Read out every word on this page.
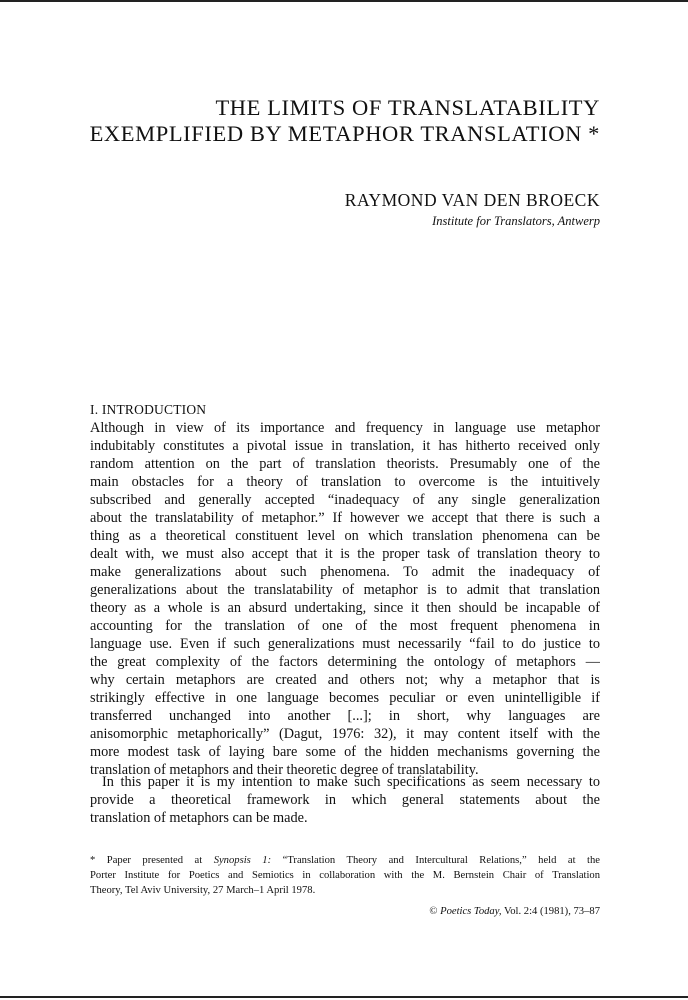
THE LIMITS OF TRANSLATABILITY
EXEMPLIFIED BY METAPHOR TRANSLATION *
RAYMOND VAN DEN BROECK
Institute for Translators, Antwerp
I. INTRODUCTION
Although in view of its importance and frequency in language use metaphor
indubitably constitutes a pivotal issue in translation, it has hitherto received only
random attention on the part of translation theorists. Presumably one of the
main obstacles for a theory of translation to overcome is the intuitively
subscribed and generally accepted “inadequacy of any single generalization
about the translatability of metaphor.” If however we accept that there is such a
thing as a theoretical constituent level on which translation phenomena can be
dealt with, we must also accept that it is the proper task of translation theory to
make generalizations about such phenomena. To admit the inadequacy of
generalizations about the translatability of metaphor is to admit that translation
theory as a whole is an absurd undertaking, since it then should be incapable of
accounting for the translation of one of the most frequent phenomena in
language use. Even if such generalizations must necessarily “fail to do justice to
the great complexity of the factors determining the ontology of metaphors —
why certain metaphors are created and others not; why a metaphor that is
strikingly effective in one language becomes peculiar or even unintelligible if
transferred unchanged into another [...]; in short, why languages are
anisomorphic metaphorically” (Dagut, 1976: 32), it may content itself with the
more modest task of laying bare some of the hidden mechanisms governing the
translation of metaphors and their theoretic degree of translatability.
In this paper it is my intention to make such specifications as seem necessary to
provide a theoretical framework in which general statements about the
translation of metaphors can be made.
* Paper presented at Synopsis 1: “Translation Theory and Intercultural Relations,” held at the
Porter Institute for Poetics and Semiotics in collaboration with the M. Bernstein Chair of Translation
Theory, Tel Aviv University, 27 March–1 April 1978.
© Poetics Today, Vol. 2:4 (1981), 73–87
